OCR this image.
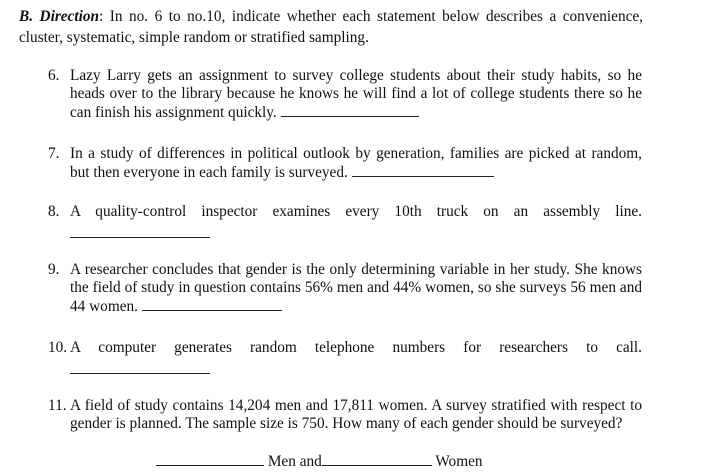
B. Direction: In no. 6 to no.10, indicate whether each statement below describes a convenience, cluster, systematic, simple random or stratified sampling.
6. Lazy Larry gets an assignment to survey college students about their study habits, so he heads over to the library because he knows he will find a lot of college students there so he can finish his assignment quickly.
7. In a study of differences in political outlook by generation, families are picked at random, but then everyone in each family is surveyed.
8. A quality-control inspector examines every 10th truck on an assembly line.
9. A researcher concludes that gender is the only determining variable in her study. She knows the field of study in question contains 56% men and 44% women, so she surveys 56 men and 44 women.
10. A computer generates random telephone numbers for researchers to call.
11. A field of study contains 14,204 men and 17,811 women. A survey stratified with respect to gender is planned. The sample size is 750. How many of each gender should be surveyed?
Men and	Women
